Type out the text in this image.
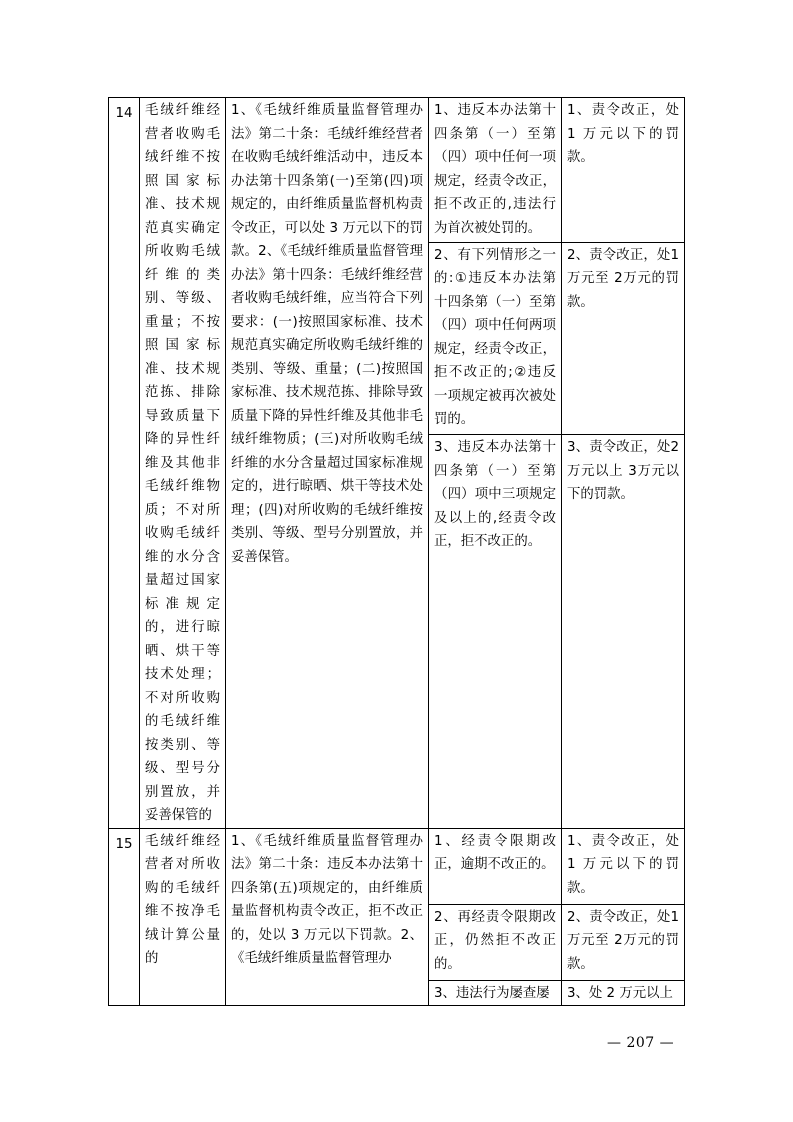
14	毛绒纤维经营者收购毛绒纤维不按照国家标准、技术规范真实确定所收购毛绒纤维的类别、等级、重量；不按照国家标准、技术规范拣、排除导致质量下降的异性纤维及其他非毛绒纤维物质；不对所收购毛绒纤维的水分含量超过国家标准规定的，进行晾晒、烘干等技术处理；不对所收购的毛绒纤维按类别、等级、型号分别置放，并妥善保管的	1、《毛绒纤维质量监督管理办法》第二十条：毛绒纤维经营者在收购毛绒纤维活动中，违反本办法第十四条第(一)至第(四)项规定的，由纤维质量监督机构责令改正，可以处 3 万元以下的罚款。2、《毛绒纤维质量监督管理办法》第十四条：毛绒纤维经营者收购毛绒纤维，应当符合下列要求：(一)按照国家标准、技术规范真实确定所收购毛绒纤维的类别、等级、重量；(二)按照国家标准、技术规范拣、排除导致质量下降的异性纤维及其他非毛绒纤维物质；(三)对所收购毛绒纤维的水分含量超过国家标准规定的，进行晾晒、烘干等技术处理；(四)对所收购的毛绒纤维按类别、等级、型号分别置放，并妥善保管。	1、违反本办法第十四条第（一）至第（四）项中任何一项规定，经责令改正，拒不改正的,违法行为首次被处罚的。	1、责令改正，处 1 万元以下的罚款。
			2、有下列情形之一的:①违反本办法第十四条第（一）至第（四）项中任何两项规定，经责令改正，拒不改正的;②违反一项规定被再次被处罚的。	2、责令改正，处1万元至 2万元的罚款。
			3、违反本办法第十四条第（一）至第（四）项中三项规定及以上的,经责令改正，拒不改正的。	3、责令改正，处2万元以上 3万元以下的罚款。
15	毛绒纤维经营者对所收购的毛绒纤维不按净毛绒计算公量的	1、《毛绒纤维质量监督管理办法》第二十条：违反本办法第十四条第(五)项规定的，由纤维质量监督机构责令改正，拒不改正的，处以 3 万元以下罚款。2、《毛绒纤维质量监督管理办	1、经责令限期改正，逾期不改正的。	1、责令改正，处 1 万元以下的罚款。
			2、再经责令限期改正，仍然拒不改正的。	2、责令改正，处1万元至 2万元的罚款。
			3、违法行为屡查屡	3、处 2 万元以上
— 207 —
